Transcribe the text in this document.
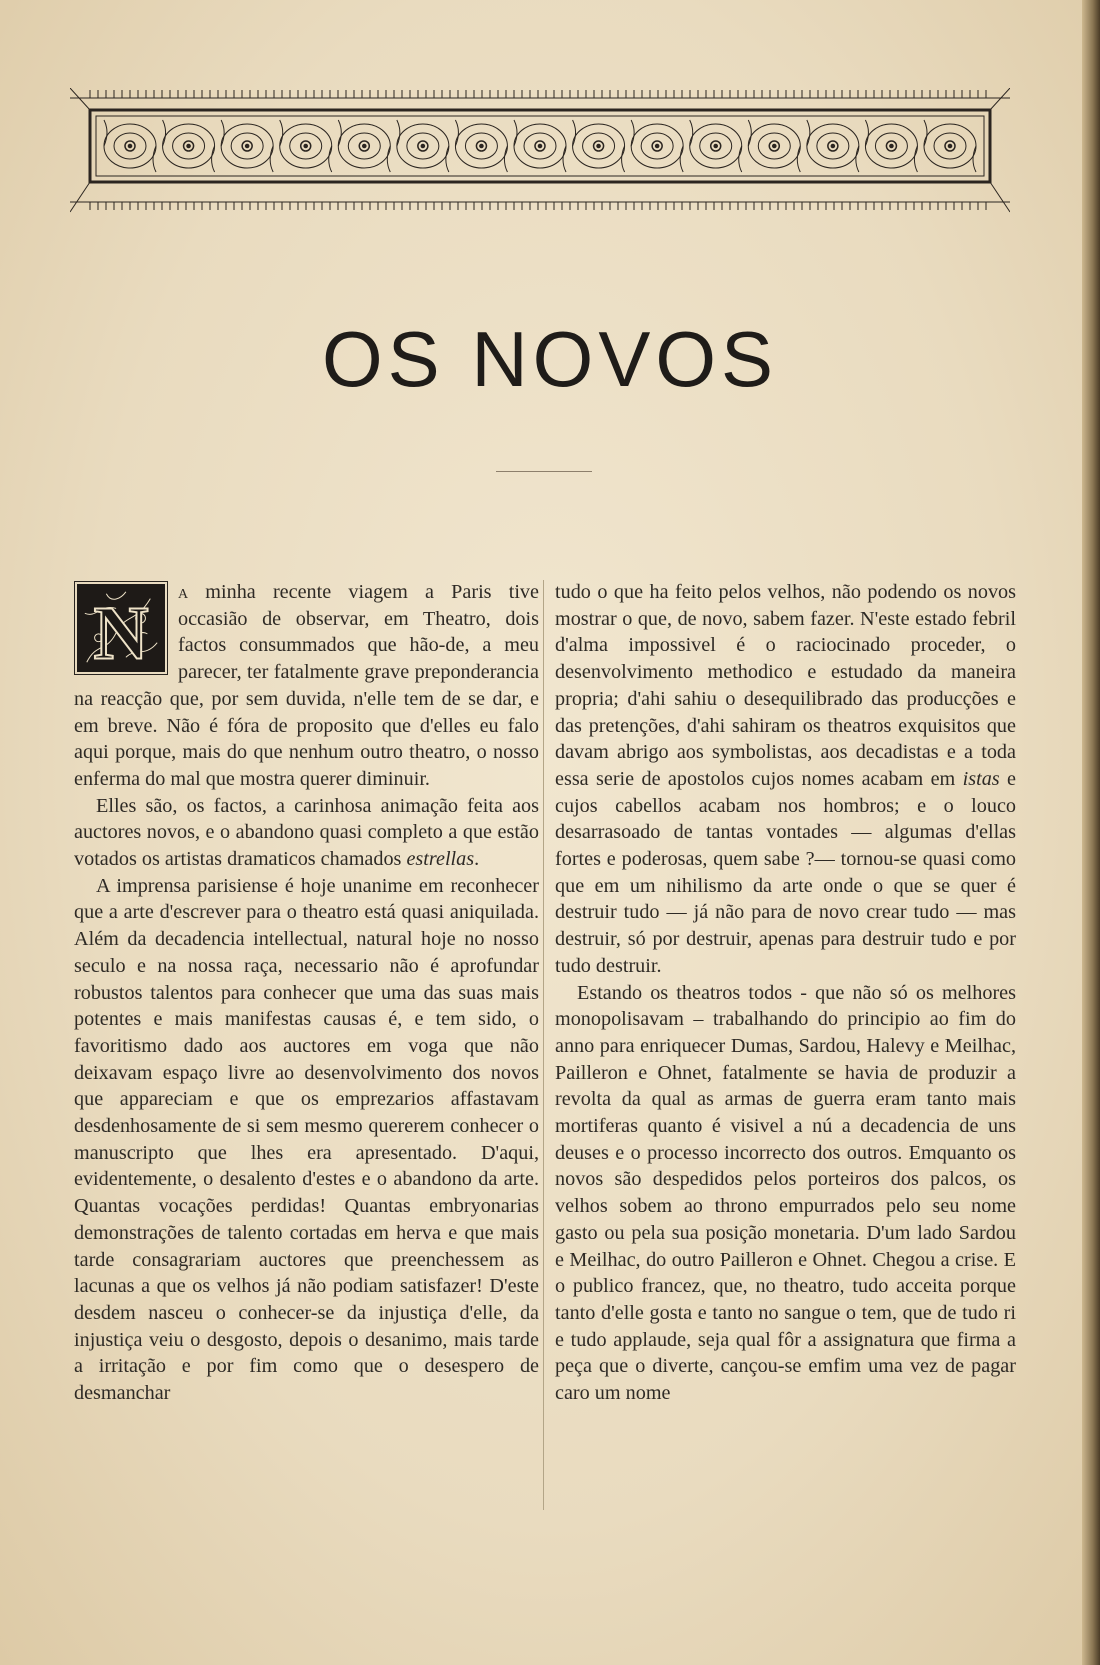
OS NOVOS

N a minha recente viagem a Paris tive occasião de observar, em Theatro, dois factos consummados que hão-de, a meu parecer, ter fatalmente grave preponderancia na reacção que, por sem duvida, n'elle tem de se dar, e em breve. Não é fóra de proposito que d'elles eu falo aqui porque, mais do que nenhum outro theatro, o nosso enferma do mal que mostra querer diminuir.

Elles são, os factos, a carinhosa animação feita aos auctores novos, e o abandono quasi completo a que estão votados os artistas dramaticos chamados estrellas.

A imprensa parisiense é hoje unanime em reconhecer que a arte d'escrever para o theatro está quasi aniquilada. Além da decadencia intellectual, natural hoje no nosso seculo e na nossa raça, necessario não é aprofundar robustos talentos para conhecer que uma das suas mais potentes e mais manifestas causas é, e tem sido, o favoritismo dado aos auctores em voga que não deixavam espaço livre ao desenvolvimento dos novos que appareciam e que os emprezarios affastavam desdenhosamente de si sem mesmo quererem conhecer o manuscripto que lhes era apresentado. D'aqui, evidentemente, o desalento d'estes e o abandono da arte. Quantas vocações perdidas! Quantas embryonarias demonstrações de talento cortadas em herva e que mais tarde consagrariam auctores que preenchessem as lacunas a que os velhos já não podiam satisfazer! D'este desdem nasceu o conhecer-se da injustiça d'elle, da injustiça veiu o desgosto, depois o desanimo, mais tarde a irritação e por fim como que o desespero de desmanchar

tudo o que ha feito pelos velhos, não podendo os novos mostrar o que, de novo, sabem fazer. N'este estado febril d'alma impossivel é o raciocinado proceder, o desenvolvimento methodico e estudado da maneira propria; d'ahi sahiu o desequilibrado das producções e das pretenções, d'ahi sahiram os theatros exquisitos que davam abrigo aos symbolistas, aos decadistas e a toda essa serie de apostolos cujos nomes acabam em istas e cujos cabellos acabam nos hombros; e o louco desarrasoado de tantas vontades — algumas d'ellas fortes e poderosas, quem sabe ?— tornou-se quasi como que em um nihilismo da arte onde o que se quer é destruir tudo — já não para de novo crear tudo — mas destruir, só por destruir, apenas para destruir tudo e por tudo destruir.

Estando os theatros todos - que não só os melhores monopolisavam – trabalhando do principio ao fim do anno para enriquecer Dumas, Sardou, Halevy e Meilhac, Pailleron e Ohnet, fatalmente se havia de produzir a revolta da qual as armas de guerra eram tanto mais mortiferas quanto é visivel a nú a decadencia de uns deuses e o processo incorrecto dos outros. Emquanto os novos são despedidos pelos porteiros dos palcos, os velhos sobem ao throno empurrados pelo seu nome gasto ou pela sua posição monetaria. D'um lado Sardou e Meilhac, do outro Pailleron e Ohnet. Chegou a crise. E o publico francez, que, no theatro, tudo acceita porque tanto d'elle gosta e tanto no sangue o tem, que de tudo ri e tudo applaude, seja qual fôr a assignatura que firma a peça que o diverte, cançou-se emfim uma vez de pagar caro um nome
